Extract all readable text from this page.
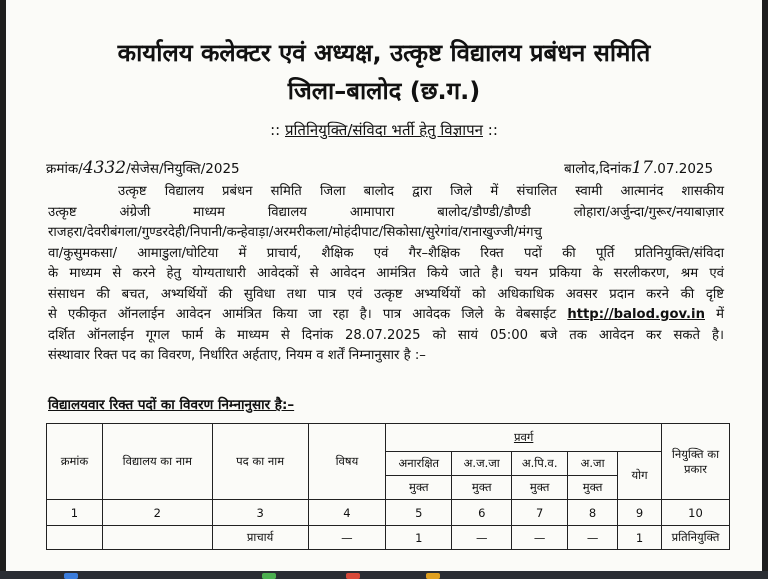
कार्यालय कलेक्टर एवं अध्यक्ष, उत्कृष्ट विद्यालय प्रबंधन समिति
जिला–बालोद (छ.ग.)
:: प्रतिनियुक्ति/संविदा भर्ती हेतु विज्ञापन ::
क्रमांक/4332/सेजेस/नियुक्ति/2025	बालोद,दिनांक17.07.2025
उत्कृष्ट विद्यालय प्रबंधन समिति जिला बालोद द्वारा जिले में संचालित स्वामी आत्मानंद शासकीय
उत्कृष्ट अंग्रेजी माध्यम विद्यालय आमापारा बालोद/डौण्डी/डौण्डी लोहारा/अर्जुन्दा/गुरूर/नयाबाज़ार
राजहरा/देवरीबंगला/गुण्डरदेही/निपानी/कन्हेवाड़ा/अरमरीकला/मोहंदीपाट/सिकोसा/सुरेगांव/रानाखुज्जी/मंगचु
वा/कुसुमकसा/ आमाडुला/घोटिया में प्राचार्य, शैक्षिक एवं गैर–शैक्षिक रिक्त पदों की पूर्ति प्रतिनियुक्ति/संविदा
के माध्यम से करने हेतु योग्यताधारी आवेदकों से आवेदन आमंत्रित किये जाते है। चयन प्रकिया के सरलीकरण, श्रम एवं
संसाधन की बचत, अभ्यर्थियों की सुविधा तथा पात्र एवं उत्कृष्ट अभ्यर्थियों को अधिकाधिक अवसर प्रदान करने की दृष्टि
से एकीकृत ऑनलाईन आवेदन आमंत्रित किया जा रहा है। पात्र आवेदक जिले के वेबसाईट http://balod.gov.in में
दर्शित ऑनलाईन गूगल फार्म के माध्यम से दिनांक 28.07.2025 को सायं 05:00 बजे तक आवेदन कर सकते है।
संस्थावार रिक्त पद का विवरण, निर्धारित अर्हताए, नियम व शर्तें निम्नानुसार है :–
विद्यालयवार रिक्त पदों का विवरण निम्नानुसार है:–
क्रमांक	विद्यालय का नाम	पद का नाम	विषय	प्रवर्ग					नियुक्ति का प्रकार
				अनारक्षित	अ.ज.जा	अ.पि.व.	अ.जा	योग	
				मुक्त	मुक्त	मुक्त	मुक्त		
1	2	3	4	5	6	7	8	9	10
		प्राचार्य	—	1	—	—	—	1	प्रतिनियुक्ति
